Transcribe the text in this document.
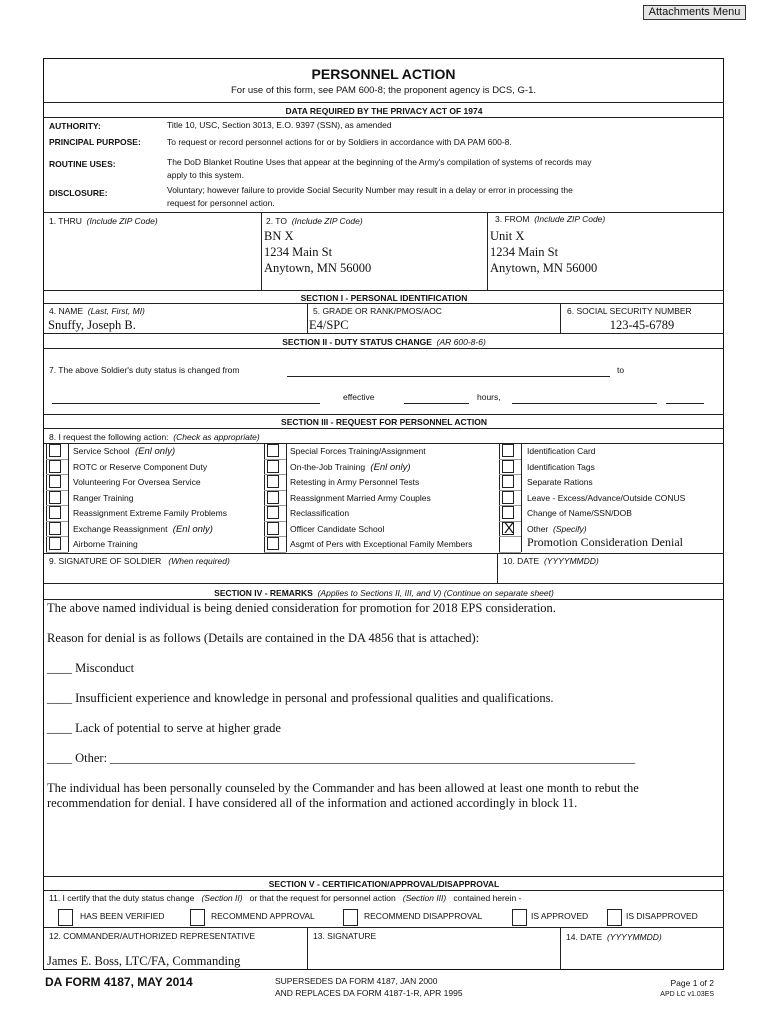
Attachments Menu
PERSONNEL ACTION
For use of this form, see PAM 600-8; the proponent agency is DCS, G-1.
DATA REQUIRED BY THE PRIVACY ACT OF 1974
AUTHORITY:	Title 10, USC, Section 3013, E.O. 9397 (SSN), as amended
PRINCIPAL PURPOSE:	To request or record personnel actions for or by Soldiers in accordance with DA PAM 600-8.
ROUTINE USES:	The DoD Blanket Routine Uses that appear at the beginning of the Army's compilation of systems of records may
apply to this system.
DISCLOSURE:	Voluntary; however failure to provide Social Security Number may result in a delay or error in processing the
request for personnel action.
1. THRU (Include ZIP Code)	2. TO (Include ZIP Code)
BN X
1234 Main St
Anytown, MN 56000
3. FROM (Include ZIP Code)
Unit X
1234 Main St
Anytown, MN 56000
SECTION I - PERSONAL IDENTIFICATION
4. NAME (Last, First, MI)
Snuffy, Joseph B.
5. GRADE OR RANK/PMOS/AOC
E4/SPC
6. SOCIAL SECURITY NUMBER
123-45-6789
SECTION II - DUTY STATUS CHANGE (AR 600-8-6)
7. The above Soldier's duty status is changed from	to
effective	hours,
SECTION III - REQUEST FOR PERSONNEL ACTION
8. I request the following action: (Check as appropriate)
Service School  (Enl only)
ROTC or Reserve Component Duty
Volunteering For Oversea Service
Ranger Training
Reassignment Extreme Family Problems
Exchange Reassignment  (Enl only)
Airborne Training
Special Forces Training/Assignment
On-the-Job Training  (Enl only)
Retesting in Army Personnel Tests
Reassignment Married Army Couples
Reclassification
Officer Candidate School
Asgmt of Pers with Exceptional Family Members
Identification Card
Identification Tags
Separate Rations
Leave - Excess/Advance/Outside CONUS
Change of Name/SSN/DOB
X	Other  (Specify)
Promotion Consideration Denial
9. SIGNATURE OF SOLDIER (When required)	10. DATE (YYYYMMDD)
SECTION IV - REMARKS (Applies to Sections II, III, and V) (Continue on separate sheet)
The above named individual is being denied consideration for promotion for 2018 EPS consideration.
Reason for denial is as follows (Details are contained in the DA 4856 that is attached):
____ Misconduct
____ Insufficient experience and knowledge in personal and professional qualities and qualifications.
____ Lack of potential to serve at higher grade
____ Other: ____________________________________________________________________________________
The individual has been personally counseled by the Commander and has been allowed at least one month to rebut the
recommendation for denial. I have considered all of the information and actioned accordingly in block 11.
SECTION V - CERTIFICATION/APPROVAL/DISAPPROVAL
11. I certify that the duty status change (Section II) or that the request for personnel action (Section III) contained herein -
HAS BEEN VERIFIED	RECOMMEND APPROVAL	RECOMMEND DISAPPROVAL	IS APPROVED	IS DISAPPROVED
12. COMMANDER/AUTHORIZED REPRESENTATIVE
James E. Boss, LTC/FA, Commanding
13. SIGNATURE	14. DATE (YYYYMMDD)
DA FORM 4187, MAY 2014	SUPERSEDES DA FORM 4187, JAN 2000
AND REPLACES DA FORM 4187-1-R, APR 1995
Page 1 of 2
APD LC v1.03ES
